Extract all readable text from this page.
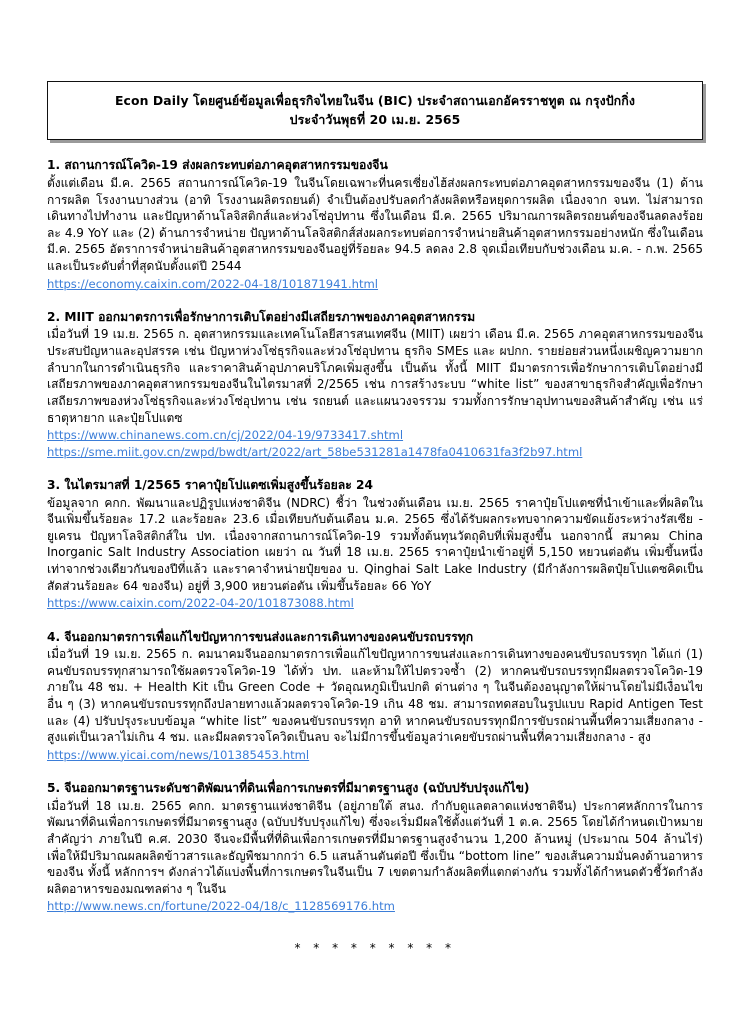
Econ Daily โดยศูนย์ข้อมูลเพื่อธุรกิจไทยในจีน (BIC) ประจำสถานเอกอัครราชทูต ณ กรุงปักกิ่ง
ประจำวันพุธที่ 20 เม.ย. 2565
1. สถานการณ์โควิด-19 ส่งผลกระทบต่อภาคอุตสาหกรรมของจีน
ตั้งแต่เดือน มี.ค. 2565 สถานการณ์โควิด-19 ในจีนโดยเฉพาะที่นครเซี่ยงไฮ้ส่งผลกระทบต่อภาคอุตสาหกรรมของจีน (1) ด้านการผลิต โรงงานบางส่วน (อาทิ โรงงานผลิตรถยนต์) จำเป็นต้องปรับลดกำลังผลิตหรือหยุดการผลิต เนื่องจาก จนท. ไม่สามารถเดินทางไปทำงาน และปัญหาด้านโลจิสติกส์และห่วงโซ่อุปทาน ซึ่งในเดือน มี.ค. 2565 ปริมาณการผลิตรถยนต์ของจีนลดลงร้อยละ 4.9 YoY และ (2) ด้านการจำหน่าย ปัญหาด้านโลจิสติกส์ส่งผลกระทบต่อการจำหน่ายสินค้าอุตสาหกรรมอย่างหนัก ซึ่งในเดือน มี.ค. 2565 อัตราการจำหน่ายสินค้าอุตสาหกรรมของจีนอยู่ที่ร้อยละ 94.5 ลดลง 2.8 จุดเมื่อเทียบกับช่วงเดือน ม.ค. - ก.พ. 2565 และเป็นระดับต่ำที่สุดนับตั้งแต่ปี 2544
https://economy.caixin.com/2022-04-18/101871941.html
2. MIIT ออกมาตรการเพื่อรักษาการเติบโตอย่างมีเสถียรภาพของภาคอุตสาหกรรม
เมื่อวันที่ 19 เม.ย. 2565 ก. อุตสาหกรรมและเทคโนโลยีสารสนเทศจีน (MIIT) เผยว่า เดือน มี.ค. 2565 ภาคอุตสาหกรรมของจีนประสบปัญหาและอุปสรรค เช่น ปัญหาห่วงโซ่ธุรกิจและห่วงโซ่อุปทาน ธุรกิจ SMEs และ ผปกก. รายย่อยส่วนหนึ่งเผชิญความยากลำบากในการดำเนินธุรกิจ และราคาสินค้าอุปภาคบริโภคเพิ่มสูงขึ้น เป็นต้น ทั้งนี้ MIIT มีมาตรการเพื่อรักษาการเติบโตอย่างมีเสถียรภาพของภาคอุตสาหกรรมของจีนในไตรมาสที่ 2/2565 เช่น การสร้างระบบ “white list” ของสาขาธุรกิจสำคัญเพื่อรักษาเสถียรภาพของห่วงโซ่ธุรกิจและห่วงโซ่อุปทาน เช่น รถยนต์ และแผนวงจรรวม รวมทั้งการรักษาอุปทานของสินค้าสำคัญ เช่น แร่ธาตุหายาก และปุ๋ยโปแตซ
https://www.chinanews.com.cn/cj/2022/04-19/9733417.shtml
https://sme.miit.gov.cn/zwpd/bwdt/art/2022/art_58be531281a1478fa0410631fa3f2b97.html
3. ในไตรมาสที่ 1/2565 ราคาปุ๋ยโปแตซเพิ่มสูงขึ้นร้อยละ 24
ข้อมูลจาก คกก. พัฒนาและปฏิรูปแห่งชาติจีน (NDRC) ชี้ว่า ในช่วงต้นเดือน เม.ย. 2565 ราคาปุ๋ยโปแตซที่นำเข้าและที่ผลิตในจีนเพิ่มขึ้นร้อยละ 17.2 และร้อยละ 23.6 เมื่อเทียบกับต้นเดือน ม.ค. 2565 ซึ่งได้รับผลกระทบจากความขัดแย้งระหว่างรัสเซีย - ยูเครน ปัญหาโลจิสติกส์ใน ปท. เนื่องจากสถานการณ์โควิด-19 รวมทั้งต้นทุนวัตถุดิบที่เพิ่มสูงขึ้น นอกจากนี้ สมาคม China Inorganic Salt Industry Association เผยว่า ณ วันที่ 18 เม.ย. 2565 ราคาปุ๋ยนำเข้าอยู่ที่ 5,150 หยวนต่อตัน เพิ่มขึ้นหนึ่งเท่าจากช่วงเดียวกันของปีที่แล้ว และราคาจำหน่ายปุ๋ยของ บ. Qinghai Salt Lake Industry (มีกำลังการผลิตปุ๋ยโปแตซคิดเป็นสัดส่วนร้อยละ 64 ของจีน) อยู่ที่ 3,900 หยวนต่อตัน เพิ่มขึ้นร้อยละ 66 YoY
https://www.caixin.com/2022-04-20/101873088.html
4. จีนออกมาตรการเพื่อแก้ไขปัญหาการขนส่งและการเดินทางของคนขับรถบรรทุก
เมื่อวันที่ 19 เม.ย. 2565 ก. คมนาคมจีนออกมาตรการเพื่อแก้ไขปัญหาการขนส่งและการเดินทางของคนขับรถบรรทุก ได้แก่ (1) คนขับรถบรรทุกสามารถใช้ผลตรวจโควิด-19 ได้ทั่ว ปท. และห้ามให้ไปตรวจซ้ำ (2) หากคนขับรถบรรทุกมีผลตรวจโควิด-19 ภายใน 48 ชม. + Health Kit เป็น Green Code + วัดอุณหภูมิเป็นปกติ ด่านต่าง ๆ ในจีนต้องอนุญาตให้ผ่านโดยไม่มีเงื่อนไขอื่น ๆ (3) หากคนขับรถบรรทุกถึงปลายทางแล้วผลตรวจโควิด-19 เกิน 48 ชม. สามารถทดสอบในรูปแบบ Rapid Antigen Test และ (4) ปรับปรุงระบบข้อมูล “white list” ของคนขับรถบรรทุก อาทิ หากคนขับรถบรรทุกมีการขับรถผ่านพื้นที่ความเสี่ยงกลาง - สูงแต่เป็นเวลาไม่เกิน 4 ชม. และมีผลตรวจโควิดเป็นลบ จะไม่มีการขึ้นข้อมูลว่าเคยขับรถผ่านพื้นที่ความเสี่ยงกลาง - สูง
https://www.yicai.com/news/101385453.html
5. จีนออกมาตรฐานระดับชาติพัฒนาที่ดินเพื่อการเกษตรที่มีมาตรฐานสูง (ฉบับปรับปรุงแก้ไข)
เมื่อวันที่ 18 เม.ย. 2565 คกก. มาตรฐานแห่งชาติจีน (อยู่ภายใต้ สนง. กำกับดูแลตลาดแห่งชาติจีน) ประกาศหลักการในการพัฒนาที่ดินเพื่อการเกษตรที่มีมาตรฐานสูง (ฉบับปรับปรุงแก้ไข) ซึ่งจะเริ่มมีผลใช้ตั้งแต่วันที่ 1 ต.ค. 2565 โดยได้กำหนดเป้าหมายสำคัญว่า ภายในปี ค.ศ. 2030 จีนจะมีพื้นที่ที่ดินเพื่อการเกษตรที่มีมาตรฐานสูงจำนวน 1,200 ล้านหมู่ (ประมาณ 504 ล้านไร่) เพื่อให้มีปริมาณผลผลิตข้าวสารและธัญพืชมากกว่า 6.5 แสนล้านตันต่อปี ซึ่งเป็น “bottom line” ของเส้นความมั่นคงด้านอาหารของจีน ทั้งนี้ หลักการฯ ดังกล่าวได้แบ่งพื้นที่การเกษตรในจีนเป็น 7 เขตตามกำลังผลิตที่แตกต่างกัน รวมทั้งได้กำหนดตัวชี้วัดกำลังผลิตอาหารของมณฑลต่าง ๆ ในจีน
http://www.news.cn/fortune/2022-04/18/c_1128569176.htm
* * * * * * * * *
